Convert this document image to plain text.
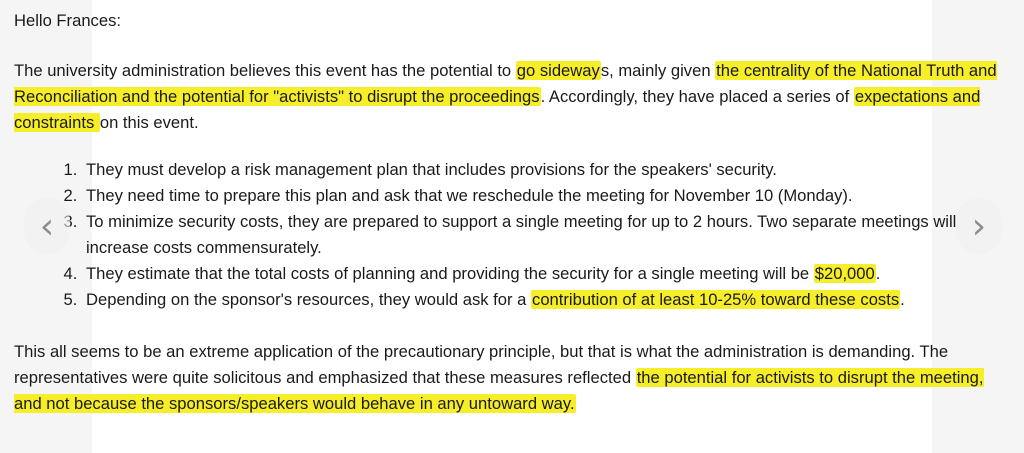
Hello Frances:

The university administration believes this event has the potential to go sideways, mainly given the centrality of the National Truth and Reconciliation and the potential for "activists" to disrupt the proceedings. Accordingly, they have placed a series of expectations and constraints on this event.

1. They must develop a risk management plan that includes provisions for the speakers' security.
2. They need time to prepare this plan and ask that we reschedule the meeting for November 10 (Monday).
3. To minimize security costs, they are prepared to support a single meeting for up to 2 hours. Two separate meetings will increase costs commensurately.
4. They estimate that the total costs of planning and providing the security for a single meeting will be $20,000.
5. Depending on the sponsor's resources, they would ask for a contribution of at least 10-25% toward these costs.

This all seems to be an extreme application of the precautionary principle, but that is what the administration is demanding. The representatives were quite solicitous and emphasized that these measures reflected the potential for activists to disrupt the meeting, and not because the sponsors/speakers would behave in any untoward way.

‹	›
